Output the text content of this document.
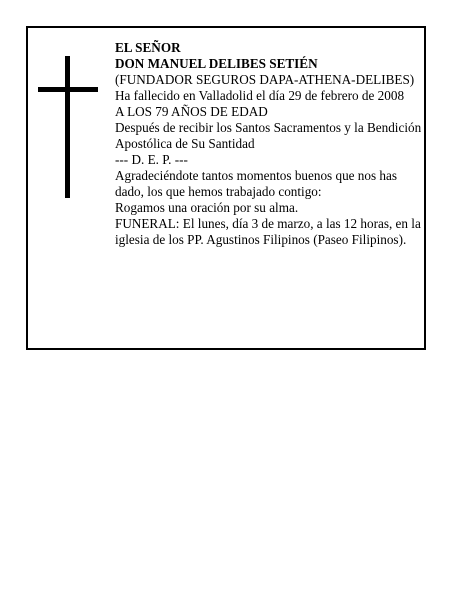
EL SEÑOR

DON MANUEL DELIBES SETIÉN

(FUNDADOR SEGUROS DAPA-ATHENA-DELIBES)

Ha fallecido en Valladolid el día 29 de febrero de 2008

A LOS 79 AÑOS DE EDAD

Después de recibir los Santos Sacramentos y la Bendición Apostólica de Su Santidad

--- D. E. P. ---

Agradeciéndote tantos momentos buenos que nos has dado, los que hemos trabajado contigo:

Rogamos una oración por su alma.

FUNERAL: El lunes, día 3 de marzo, a las 12 horas, en la iglesia de los PP. Agustinos Filipinos (Paseo Filipinos).
